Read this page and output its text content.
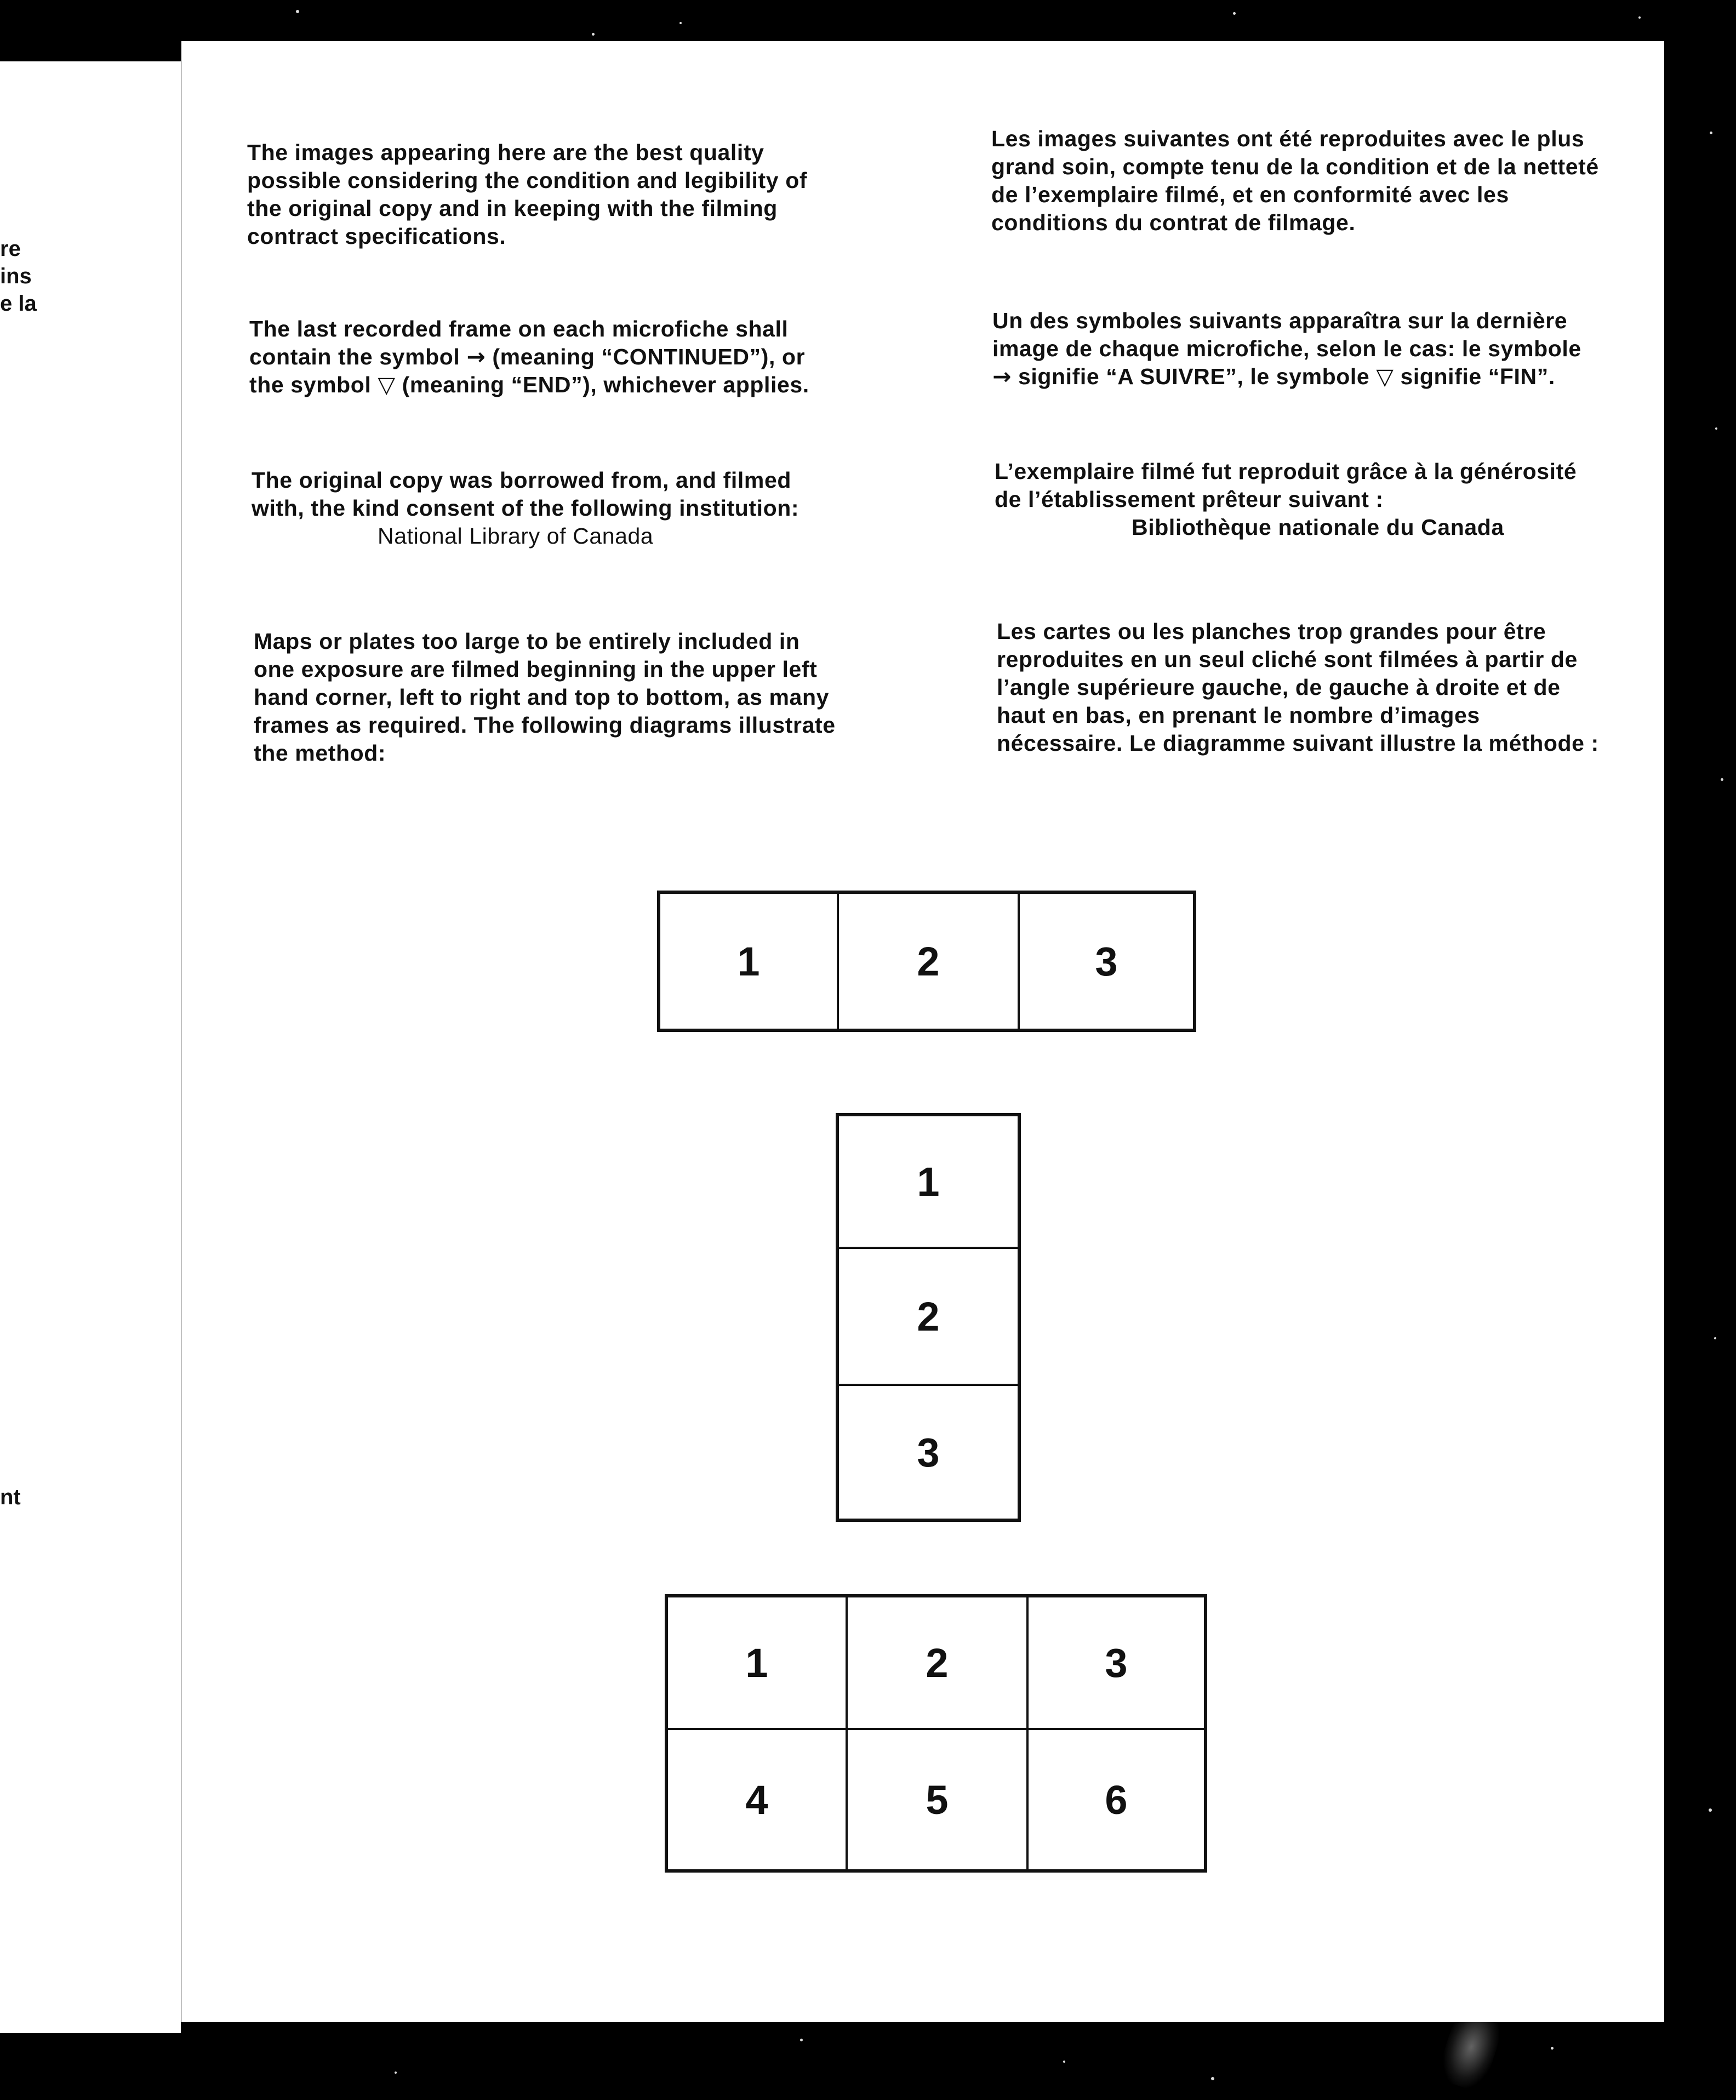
re
ins
e la
nt

The images appearing here are the best quality possible considering the condition and legibility of the original copy and in keeping with the filming contract specifications.

The last recorded frame on each microfiche shall contain the symbol → (meaning “CONTINUED”), or the symbol ▽ (meaning “END”), whichever applies.

The original copy was borrowed from, and filmed with, the kind consent of the following institution:

National Library of Canada

Maps or plates too large to be entirely included in one exposure are filmed beginning in the upper left hand corner, left to right and top to bottom, as many frames as required. The following diagrams illustrate the method:

Les images suivantes ont été reproduites avec le plus grand soin, compte tenu de la condition et de la netteté de l’exemplaire filmé, et en conformité avec les conditions du contrat de filmage.

Un des symboles suivants apparaîtra sur la dernière image de chaque microfiche, selon le cas: le symbole → signifie “A SUIVRE”, le symbole ▽ signifie “FIN”.

L’exemplaire filmé fut reproduit grâce à la générosité de l’établissement prêteur suivant :

Bibliothèque nationale du Canada

Les cartes ou les planches trop grandes pour être reproduites en un seul cliché sont filmées à partir de l’angle supérieure gauche, de gauche à droite et de haut en bas, en prenant le nombre d’images nécessaire. Le diagramme suivant illustre la méthode :

1	2	3
1
2
3
1	2	3
4	5	6
